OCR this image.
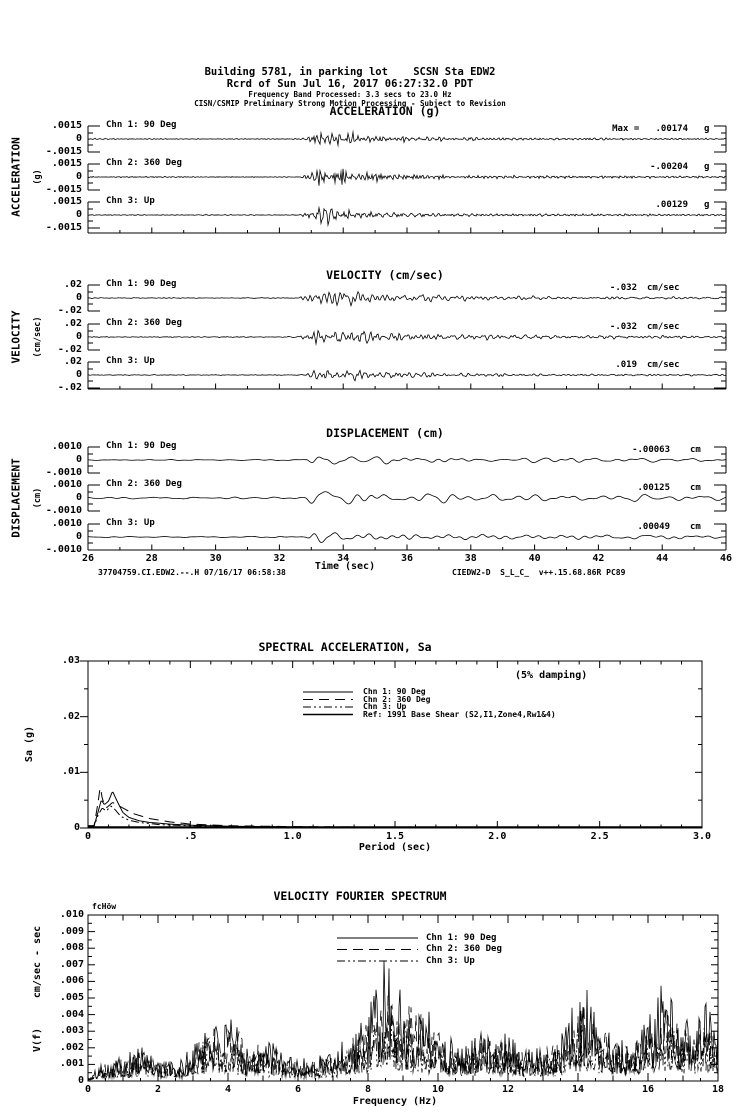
Building 5781, in parking lot    SCSN Sta EDW2
Rcrd of Sun Jul 16, 2017 06:27:32.0 PDT
Frequency Band Processed: 3.3 secs to 23.0 Hz
CISN/CSMIP Preliminary Strong Motion Processing - Subject to Revision
ACCELERATION (g)
VELOCITY (cm/sec)
DISPLACEMENT (cm)
ACCELERATION (g)
VELOCITY (cm/sec)
DISPLACEMENT (cm)
Time (sec)
37704759.CI.EDW2.--.H 07/16/17 06:58:38	CIEDW2-D  S_L_C_  v++.15.68.86R PC89
SPECTRAL ACCELERATION, Sa
(5% damping)
Sa (g)
Period (sec)
VELOCITY FOURIER SPECTRUM
fcHöw
cm/sec - sec
V(f)
Frequency (Hz)
.0015
0
-.0015
Chn 1: 90 Deg	Max =   .00174 g
.0015
0
-.0015
Chn 2: 360 Deg	-.00204 g
.0015
0
-.0015
Chn 3: Up	.00129 g
.02
0
-.02
Chn 1: 90 Deg	-.032 cm/sec
.02
0
-.02
Chn 2: 360 Deg	-.032 cm/sec
.02
0
-.02
Chn 3: Up	.019 cm/sec
.0010
0
-.0010
Chn 1: 90 Deg	-.00063 cm
.0010
0
-.0010
Chn 2: 360 Deg	.00125 cm
.0010
0
-.0010
Chn 3: Up	.00049 cm
26	28	30	32	34	36	38	40	42	44	46
0
.01
.02
.03
0	.5	1.0	1.5	2.0	2.5	3.0
Chn 1: 90 Deg
Chn 2: 360 Deg
Chn 3: Up
Ref: 1991 Base Shear (S2,I1,Zone4,Rw1&4)
.010
.009
.008
.007
.006
.005
.004
.003
.002
.001
0
0	2	4	6	8	10	12	14	16	18
Chn 1: 90 Deg
Chn 2: 360 Deg
Chn 3: Up
